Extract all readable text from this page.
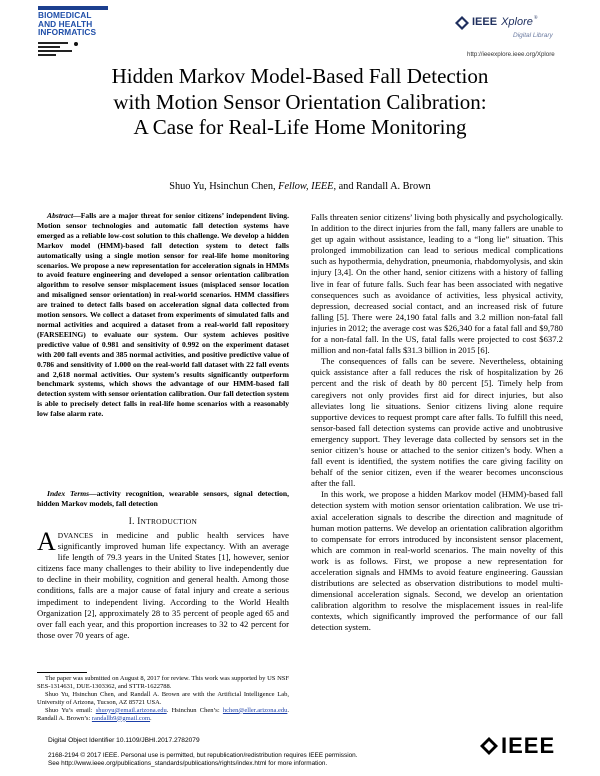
BIOMEDICAL
AND HEALTH
INFORMATICS
IEEE
Xplore ®
Digital Library
http://ieeexplore.ieee.org/Xplore
Hidden Markov Model-Based Fall Detection
with Motion Sensor Orientation Calibration:
A Case for Real-Life Home Monitoring
Shuo Yu, Hsinchun Chen, Fellow, IEEE, and Randall A. Brown
Abstract—Falls are a major threat for senior citizens’ independent living. Motion sensor technologies and automatic fall detection systems have emerged as a reliable low-cost solution to this challenge. We develop a hidden Markov model (HMM)-based fall detection system to detect falls automatically using a single motion sensor for real-life home monitoring scenarios. We propose a new representation for acceleration signals in HMMs to avoid feature engineering and developed a sensor orientation calibration algorithm to resolve sensor misplacement issues (misplaced sensor location and misaligned sensor orientation) in real-world scenarios. HMM classifiers are trained to detect falls based on acceleration signal data collected from motion sensors. We collect a dataset from experiments of simulated falls and normal activities and acquired a dataset from a real-world fall repository (FARSEEING) to evaluate our system. Our system achieves positive predictive value of 0.981 and sensitivity of 0.992 on the experiment dataset with 200 fall events and 385 normal activities, and positive predictive value of 0.786 and sensitivity of 1.000 on the real-world fall dataset with 22 fall events and 2,618 normal activities. Our system’s results significantly outperform benchmark systems, which shows the advantage of our HMM-based fall detection system with sensor orientation calibration. Our fall detection system is able to precisely detect falls in real-life home scenarios with a reasonably low false alarm rate.
Index Terms—activity recognition, wearable sensors, signal detection, hidden Markov models, fall detection
I. INTRODUCTION
ADVANCES in medicine and public health services have significantly improved human life expectancy. With an average life length of 79.3 years in the United States [1], however, senior citizens face many challenges to their ability to live independently due to decline in their mobility, cognition and general health. Among those conditions, falls are a major cause of fatal injury and create a serious impediment to independent living. According to the World Health Organization [2], approximately 28 to 35 percent of people aged 65 and over fall each year, and this proportion increases to 32 to 42 percent for those over 70 years of age.

The paper was submitted on August 8, 2017 for review. This work was supported by US NSF SES-1314631, DUE-1303362, and STTR-1622788.

Shuo Yu, Hsinchun Chen, and Randall A. Brown are with the Artificial Intelligence Lab, University of Arizona, Tucson, AZ 85721 USA.

Shuo Yu’s email: shuoyu@email.arizona.edu. Hsinchun Chen’s: hchen@eller.arizona.edu. Randall A. Brown’s: randallb9@gmail.com.

Falls threaten senior citizens’ living both physically and psychologically. In addition to the direct injuries from the fall, many fallers are unable to get up again without assistance, leading to a “long lie” situation. This prolonged immobilization can lead to serious medical complications such as hypothermia, dehydration, pneumonia, rhabdomyolysis, and skin injury [3,4]. On the other hand, senior citizens with a history of falling live in fear of future falls. Such fear has been associated with negative consequences such as avoidance of activities, less physical activity, depression, decreased social contact, and an increased risk of future falling [5]. There were 24,190 fatal falls and 3.2 million non-fatal fall injuries in 2012; the average cost was $26,340 for a fatal fall and $9,780 for a non-fatal fall. In the US, fatal falls were projected to cost $637.2 million and non-fatal falls $31.3 billion in 2015 [6].

The consequences of falls can be severe. Nevertheless, obtaining quick assistance after a fall reduces the risk of hospitalization by 26 percent and the risk of death by 80 percent [5]. Timely help from caregivers not only provides first aid for direct injuries, but also alleviates long lie situations. Senior citizens living alone require supportive devices to request prompt care after falls. To fulfill this need, sensor-based fall detection systems can provide active and unobtrusive emergency support. They leverage data collected by sensors set in the senior citizen’s house or attached to the senior citizen’s body. When a fall event is identified, the system notifies the care giving facility on behalf of the senior citizen, even if the wearer becomes unconscious after the fall.

In this work, we propose a hidden Markov model (HMM)-based fall detection system with motion sensor orientation calibration. We use tri-axial acceleration signals to describe the direction and magnitude of human motion patterns. We develop an orientation calibration algorithm to compensate for errors introduced by inconsistent sensor placement, which are common in real-world scenarios. The main novelty of this work is as follows. First, we propose a new representation for acceleration signals and HMMs to avoid feature engineering. Gaussian distributions are selected as observation distributions to model multi-dimensional acceleration signals. Second, we develop an orientation calibration algorithm to resolve the misplacement issues in real-life contexts, which significantly improved the performance of our fall detection system.

Digital Object Identifier 10.1109/JBHI.2017.2782079
2168-2194 © 2017 IEEE. Personal use is permitted, but republication/redistribution requires IEEE permission.
See http://www.ieee.org/publications_standards/publications/rights/index.html for more information.
IEEE
